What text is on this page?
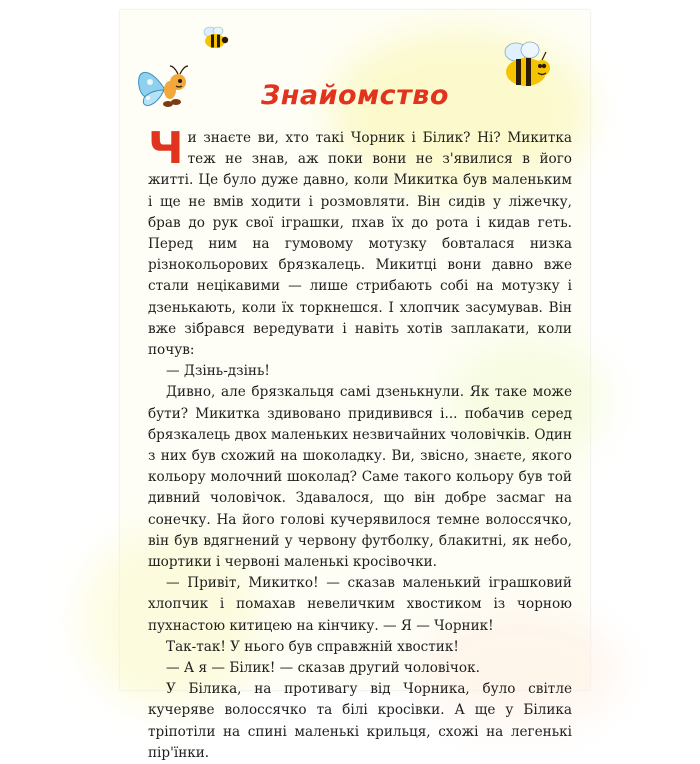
Знайомство

Чи знаєте ви, хто такі Чорник і Білик? Ні? Микитка теж не знав, аж поки вони не з'явилися в його житті. Це було дуже давно, коли Микитка був маленьким і ще не вмів ходити і розмовляти. Він сидів у ліжечку, брав до рук свої іграшки, пхав їх до рота і кидав геть. Перед ним на гумовому мотузку бовталася низка різнокольорових брязкалець. Микитці вони давно вже стали нецікавими — лише стрибають собі на мотузку і дзенькають, коли їх торкнешся. І хлопчик засумував. Він вже зібрався вередувати і навіть хотів заплакати, коли почув:

— Дзінь-дзінь!

Дивно, але брязкальця самі дзенькнули. Як таке може бути? Микитка здивовано придивився і... побачив серед брязкалець двох маленьких незвичайних чоловічків. Один з них був схожий на шоколадку. Ви, звісно, знаєте, якого кольору молочний шоколад? Саме такого кольору був той дивний чоловічок. Здавалося, що він добре засмаг на сонечку. На його голові кучерявилося темне волоссячко, він був вдягнений у червону футболку, блакитні, як небо, шортики і червоні маленькі кросівочки.

— Привіт, Микитко! — сказав маленький іграшковий хлопчик і помахав невеличким хвостиком із чорною пухнастою китицею на кінчику. — Я — Чорник!

Так-так! У нього був справжній хвостик!

— А я — Білик! — сказав другий чоловічок.

У Білика, на противагу від Чорника, було світле кучеряве волоссячко та білі кросівки. А ще у Білика тріпотіли на спині маленькі крильця, схожі на легенькі пір'їнки.
